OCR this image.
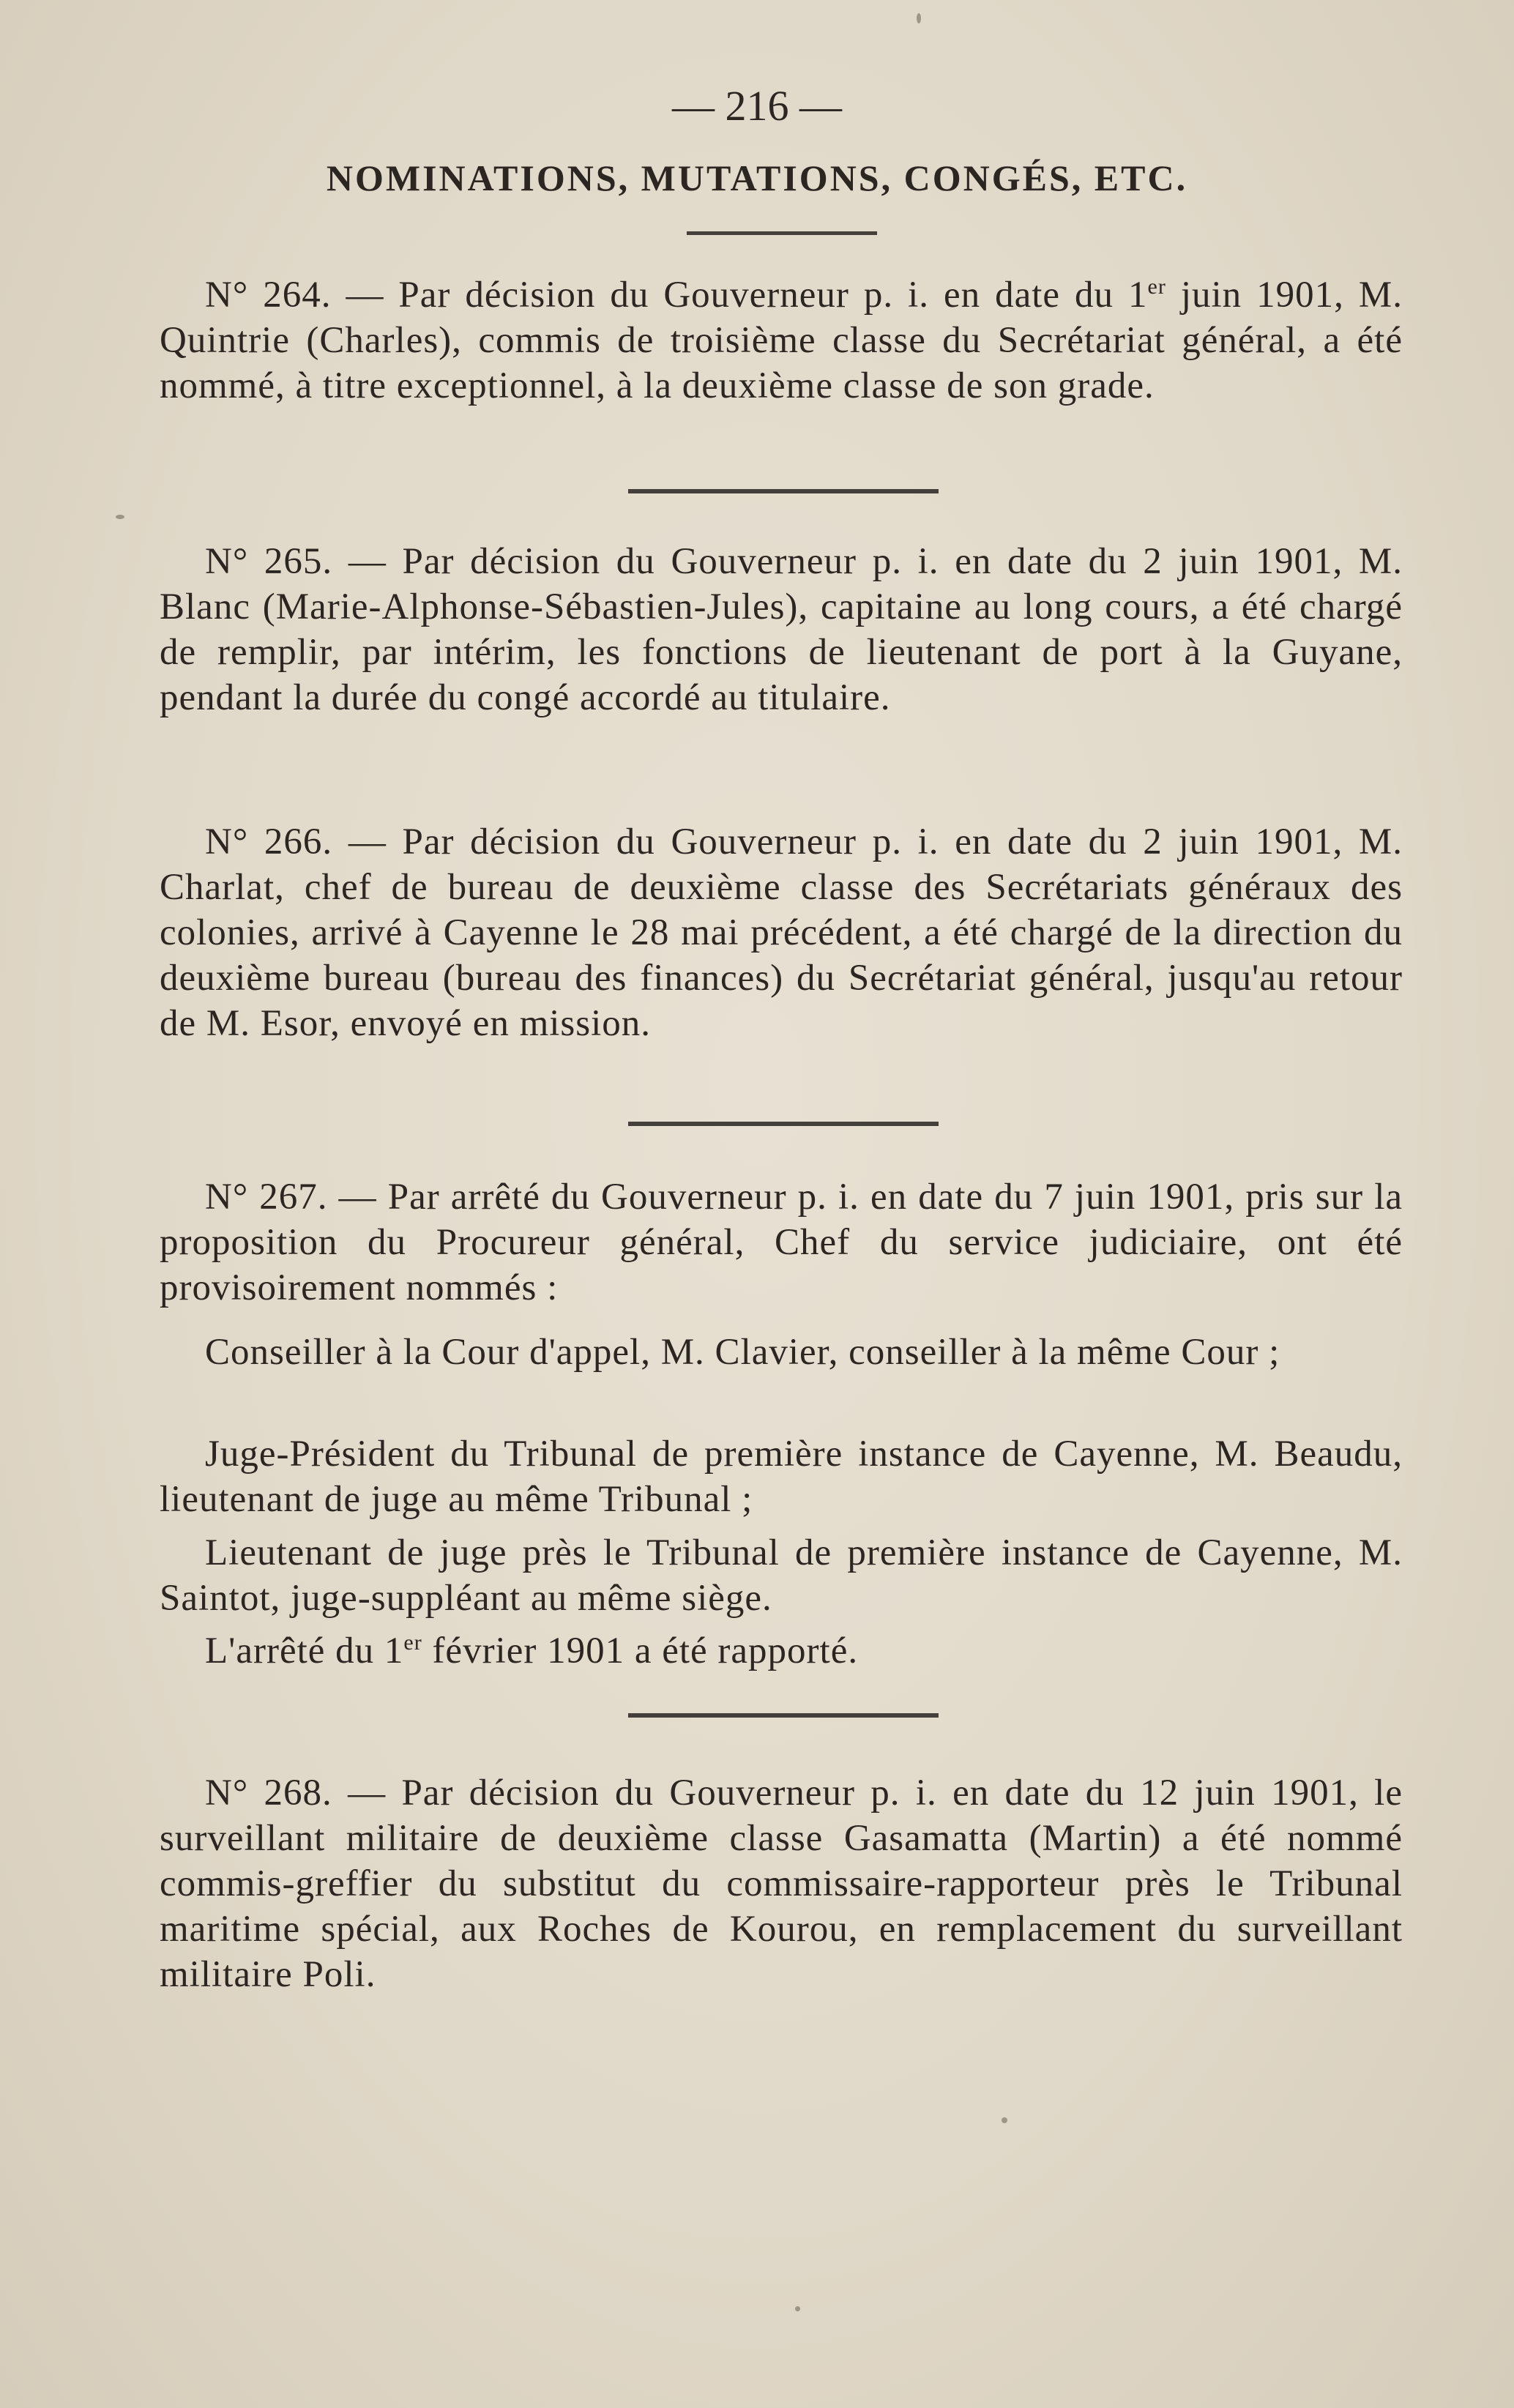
— 216 —
NOMINATIONS, MUTATIONS, CONGÉS, ETC.

N° 264. — Par décision du Gouverneur p. i. en date du 1er juin 1901, M. Quintrie (Charles), commis de troisième classe du Secrétariat général, a été nommé, à titre exceptionnel, à la deuxième classe de son grade.

N° 265. — Par décision du Gouverneur p. i. en date du 2 juin 1901, M. Blanc (Marie-Alphonse-Sébastien-Jules), capitaine au long cours, a été chargé de remplir, par intérim, les fonctions de lieutenant de port à la Guyane, pendant la durée du congé accordé au titulaire.

N° 266. — Par décision du Gouverneur p. i. en date du 2 juin 1901, M. Charlat, chef de bureau de deuxième classe des Secrétariats généraux des colonies, arrivé à Cayenne le 28 mai précédent, a été chargé de la direction du deuxième bureau (bureau des finances) du Secrétariat général, jusqu'au retour de M. Esor, envoyé en mission.

N° 267. — Par arrêté du Gouverneur p. i. en date du 7 juin 1901, pris sur la proposition du Procureur général, Chef du service judiciaire, ont été provisoirement nommés :

Conseiller à la Cour d'appel, M. Clavier, conseiller à la même Cour ;

Juge-Président du Tribunal de première instance de Cayenne, M. Beaudu, lieutenant de juge au même Tribunal ;

Lieutenant de juge près le Tribunal de première instance de Cayenne, M. Saintot, juge-suppléant au même siège.

L'arrêté du 1er février 1901 a été rapporté.

N° 268. — Par décision du Gouverneur p. i. en date du 12 juin 1901, le surveillant militaire de deuxième classe Gasamatta (Martin) a été nommé commis-greffier du substitut du commissaire-rapporteur près le Tribunal maritime spécial, aux Roches de Kourou, en remplacement du surveillant militaire Poli.
